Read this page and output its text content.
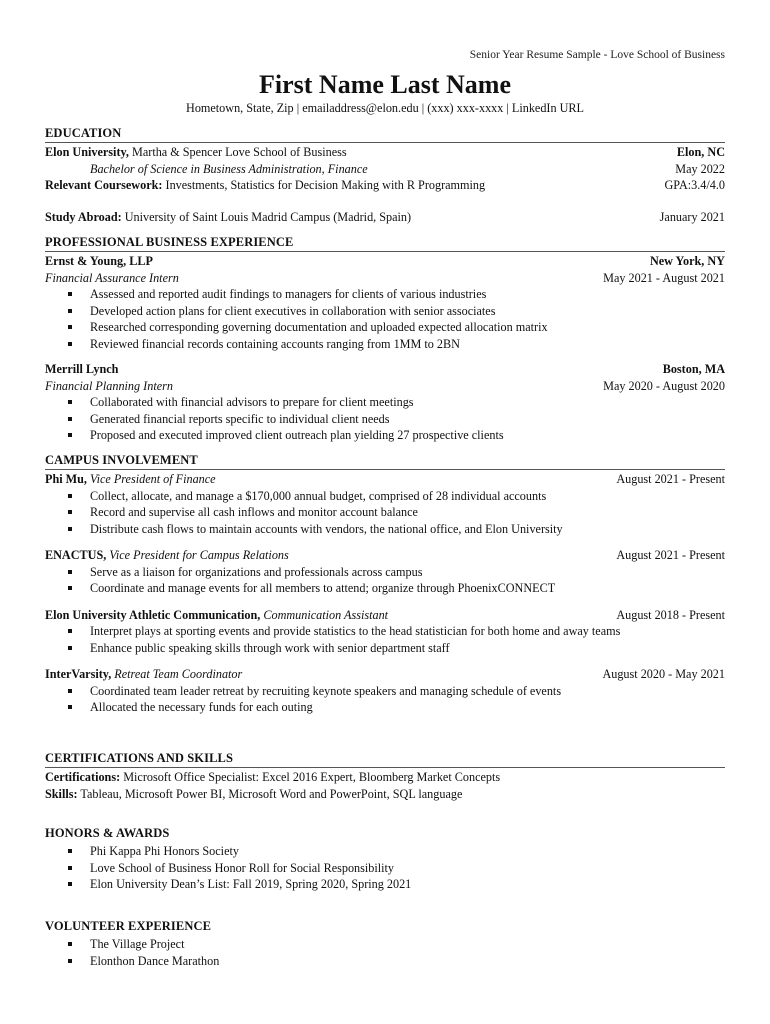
Senior Year Resume Sample - Love School of Business
First Name Last Name
Hometown, State, Zip | emailaddress@elon.edu | (xxx) xxx-xxxx | LinkedIn URL
EDUCATION
Elon University, Martha & Spencer Love School of Business	Elon, NC
Bachelor of Science in Business Administration, Finance	May 2022
Relevant Coursework: Investments, Statistics for Decision Making with R Programming	GPA:3.4/4.0
Study Abroad: University of Saint Louis Madrid Campus (Madrid, Spain)	January 2021
PROFESSIONAL BUSINESS EXPERIENCE
Ernst & Young, LLP	New York, NY
Financial Assurance Intern	May 2021 - August 2021
Assessed and reported audit findings to managers for clients of various industries
Developed action plans for client executives in collaboration with senior associates
Researched corresponding governing documentation and uploaded expected allocation matrix
Reviewed financial records containing accounts ranging from 1MM to 2BN
Merrill Lynch	Boston, MA
Financial Planning Intern	May 2020 - August 2020
Collaborated with financial advisors to prepare for client meetings
Generated financial reports specific to individual client needs
Proposed and executed improved client outreach plan yielding 27 prospective clients
CAMPUS INVOLVEMENT
Phi Mu, Vice President of Finance	August 2021 - Present
Collect, allocate, and manage a $170,000 annual budget, comprised of 28 individual accounts
Record and supervise all cash inflows and monitor account balance
Distribute cash flows to maintain accounts with vendors, the national office, and Elon University
ENACTUS, Vice President for Campus Relations	August 2021 - Present
Serve as a liaison for organizations and professionals across campus
Coordinate and manage events for all members to attend; organize through PhoenixCONNECT
Elon University Athletic Communication, Communication Assistant	August 2018 - Present
Interpret plays at sporting events and provide statistics to the head statistician for both home and away teams
Enhance public speaking skills through work with senior department staff
InterVarsity, Retreat Team Coordinator	August 2020 - May 2021
Coordinated team leader retreat by recruiting keynote speakers and managing schedule of events
Allocated the necessary funds for each outing
CERTIFICATIONS AND SKILLS
Certifications: Microsoft Office Specialist: Excel 2016 Expert, Bloomberg Market Concepts
Skills: Tableau, Microsoft Power BI, Microsoft Word and PowerPoint, SQL language
HONORS & AWARDS
Phi Kappa Phi Honors Society
Love School of Business Honor Roll for Social Responsibility
Elon University Dean’s List: Fall 2019, Spring 2020, Spring 2021
VOLUNTEER EXPERIENCE
The Village Project
Elonthon Dance Marathon
